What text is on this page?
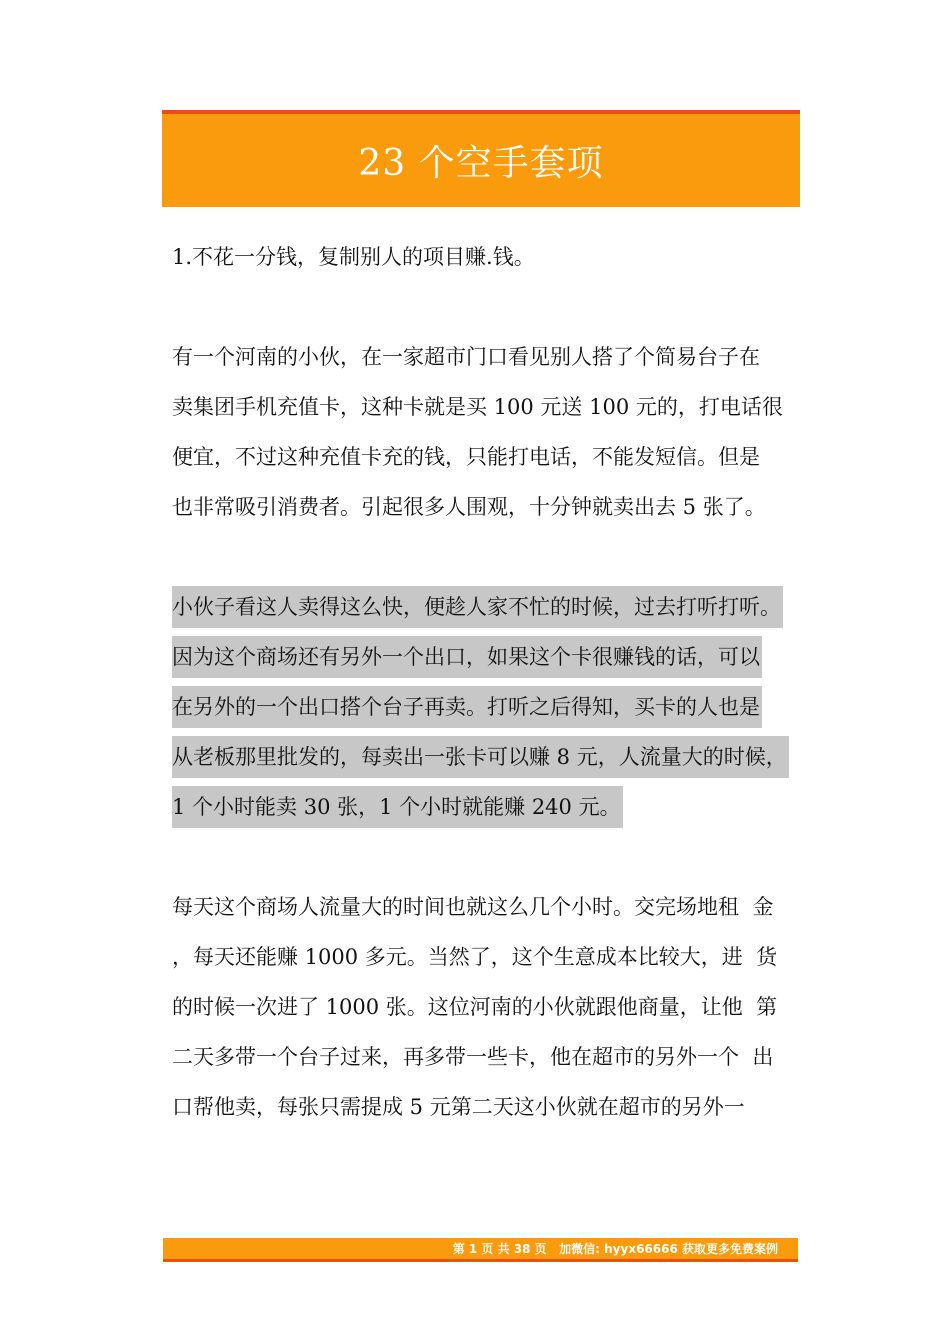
23 个空手套项

1.不花一分钱，复制别人的项目赚.钱。

有一个河南的小伙，在一家超市门口看见别人搭了个简易台子在

卖集团手机充值卡，这种卡就是买 100 元送 100 元的，打电话很

便宜，不过这种充值卡充的钱，只能打电话，不能发短信。但是

也非常吸引消费者。引起很多人围观，十分钟就卖出去 5 张了。

小伙子看这人卖得这么快，便趁人家不忙的时候，过去打听打听。

因为这个商场还有另外一个出口，如果这个卡很赚钱的话，可以

在另外的一个出口搭个台子再卖。打听之后得知，买卡的人也是

从老板那里批发的，每卖出一张卡可以赚 8 元，人流量大的时候，

1 个小时能卖 30 张，1 个小时就能赚 240 元。

每天这个商场人流量大的时间也就这么几个小时。交完场地租  金

，每天还能赚 1000 多元。当然了，这个生意成本比较大，进  货

的时候一次进了 1000 张。这位河南的小伙就跟他商量，让他  第

二天多带一个台子过来，再多带一些卡，他在超市的另外一个  出

口帮他卖，每张只需提成 5 元第二天这小伙就在超市的另外一

第 1 页 共 38 页   加微信: hyyx66666 获取更多免费案例
